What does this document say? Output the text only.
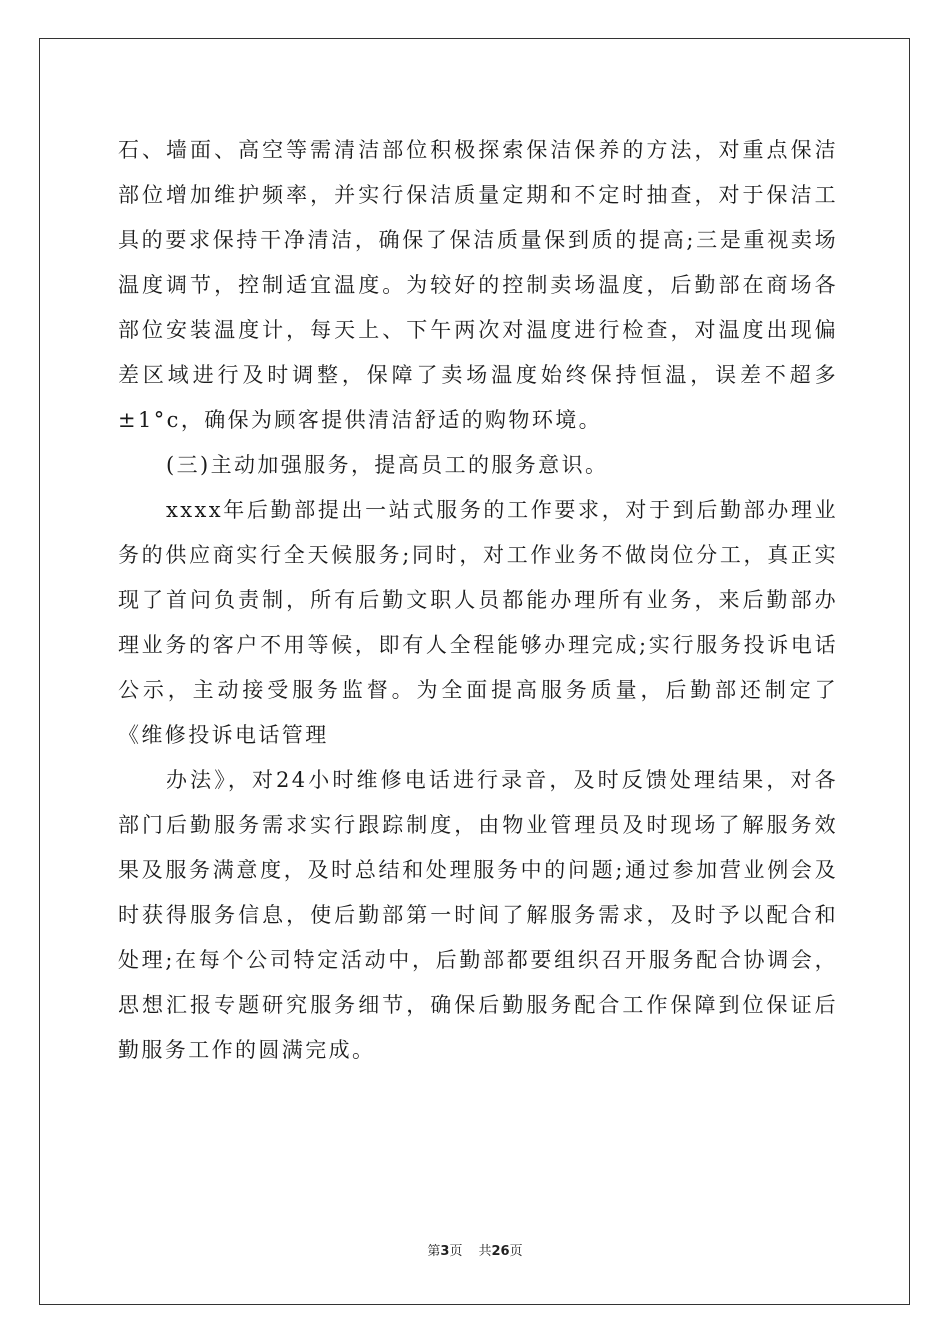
石、墙面、高空等需清洁部位积极探索保洁保养的方法，对重点保洁部位增加维护频率，并实行保洁质量定期和不定时抽查，对于保洁工具的要求保持干净清洁，确保了保洁质量保到质的提高;三是重视卖场温度调节，控制适宜温度。为较好的控制卖场温度，后勤部在商场各部位安装温度计，每天上、下午两次对温度进行检查，对温度出现偏差区域进行及时调整，保障了卖场温度始终保持恒温，误差不超多±1°c，确保为顾客提供清洁舒适的购物环境。

(三)主动加强服务，提高员工的服务意识。

xxxx年后勤部提出一站式服务的工作要求，对于到后勤部办理业务的供应商实行全天候服务;同时，对工作业务不做岗位分工，真正实现了首问负责制，所有后勤文职人员都能办理所有业务，来后勤部办理业务的客户不用等候，即有人全程能够办理完成;实行服务投诉电话公示，主动接受服务监督。为全面提高服务质量，后勤部还制定了《维修投诉电话管理

办法》，对24小时维修电话进行录音，及时反馈处理结果，对各部门后勤服务需求实行跟踪制度，由物业管理员及时现场了解服务效果及服务满意度，及时总结和处理服务中的问题;通过参加营业例会及时获得服务信息，使后勤部第一时间了解服务需求，及时予以配合和处理;在每个公司特定活动中，后勤部都要组织召开服务配合协调会，思想汇报专题研究服务细节，确保后勤服务配合工作保障到位保证后勤服务工作的圆满完成。

第3页 共26页
